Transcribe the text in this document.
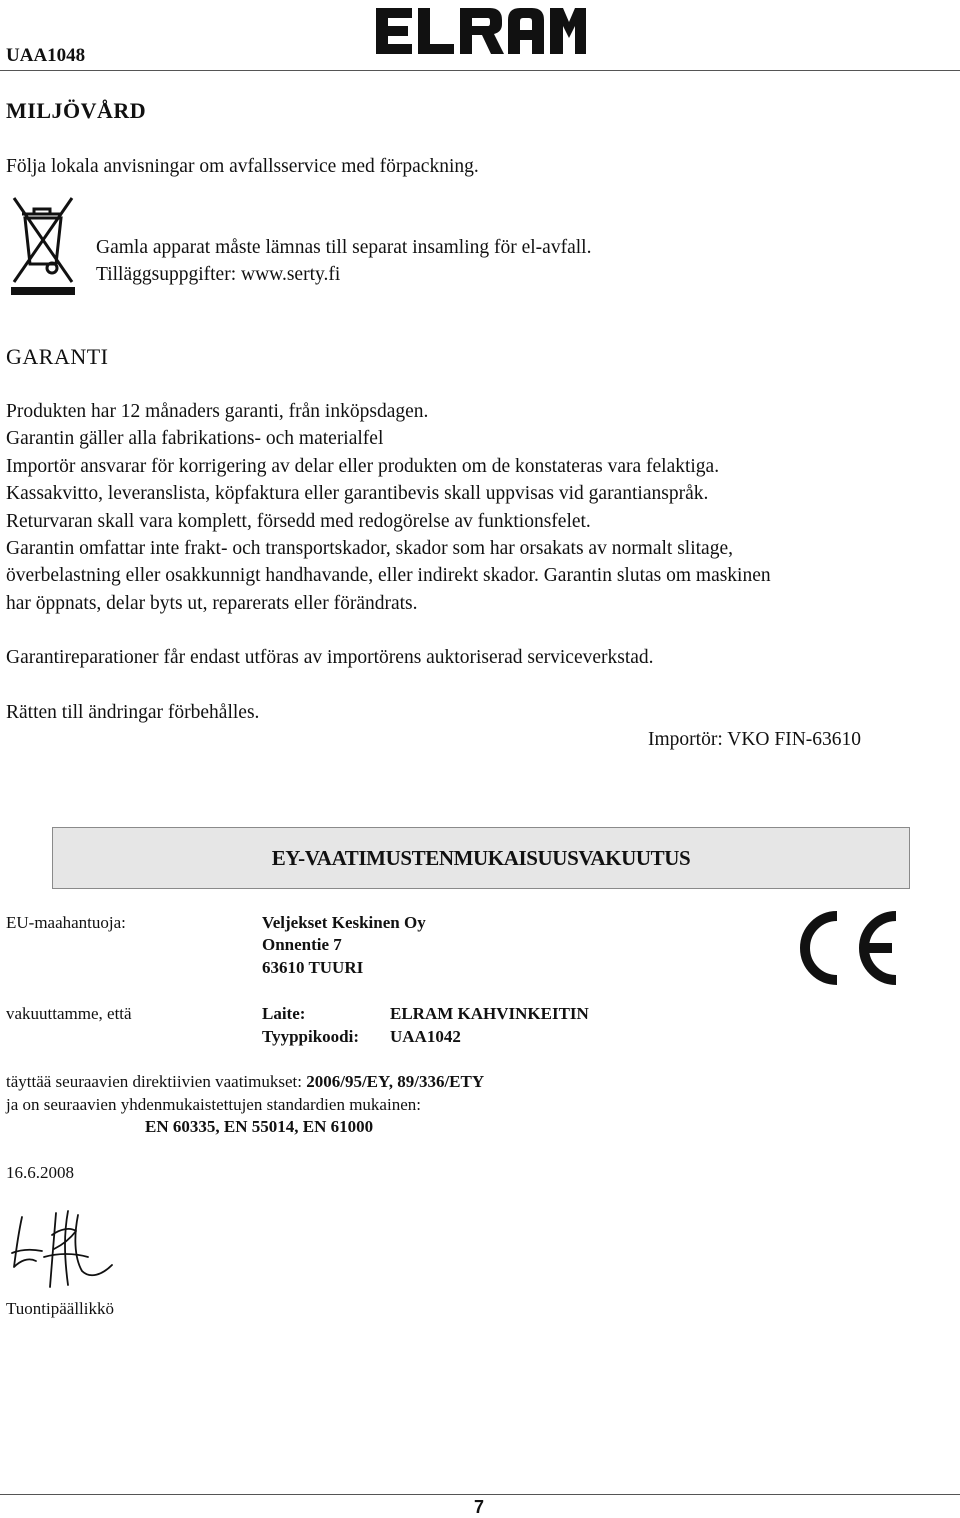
UAA1048
MILJÖVÅRD
Följa lokala anvisningar om avfallsservice med förpackning.
Gamla apparat måste lämnas till separat insamling för el-avfall.
Tilläggsuppgifter: www.serty.fi
GARANTI
Produkten har 12 månaders garanti, från inköpsdagen.
Garantin gäller alla fabrikations- och materialfel
Importör ansvarar för korrigering av delar eller produkten om de konstateras vara felaktiga.
Kassakvitto, leveranslista, köpfaktura eller garantibevis skall uppvisas vid garantianspråk.
Returvaran skall vara komplett, försedd med redogörelse av funktionsfelet.
Garantin omfattar inte frakt- och transportskador, skador som har orsakats av normalt slitage,
överbelastning eller osakkunnigt handhavande, eller indirekt skador. Garantin slutas om maskinen
har öppnats, delar byts ut, reparerats eller förändrats.
Garantireparationer får endast utföras av importörens auktoriserad serviceverkstad.
Rätten till ändringar förbehålles.
Importör: VKO FIN-63610
EY-VAATIMUSTENMUKAISUUSVAKUUTUS
EU-maahantuoja:	Veljekset Keskinen Oy
Onnentie 7
63610 TUURI
vakuuttamme, että	Laite:	ELRAM KAHVINKEITIN
Tyyppikoodi: UAA1042
täyttää seuraavien direktiivien vaatimukset: 2006/95/EY, 89/336/ETY
ja on seuraavien yhdenmukaistettujen standardien mukainen:
EN 60335, EN 55014, EN 61000
16.6.2008
Tuontipäällikkö
7
